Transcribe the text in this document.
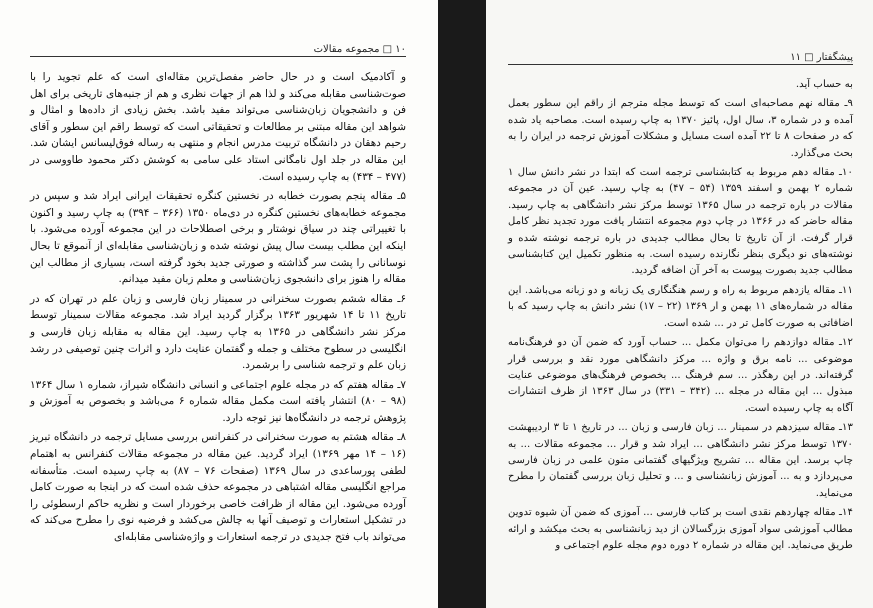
۱۰ □ مجموعه مقالات

و آکادمیک است و در حال حاضر مفصل‌ترین مقاله‌ای است که علم تجوید را با صوت‌شناسی مقابله می‌کند و لذا هم از جهات نظری و هم از جنبه‌های تاریخی برای اهل فن و دانشجویان زبان‌شناسی می‌تواند مفید باشد. بخش زیادی از داده‌ها و امثال و شواهد این مقاله مبتنی بر مطالعات و تحقیقاتی است که توسط راقم این سطور و آقای رحیم دهقان در دانشگاه تربیت مدرس انجام و منتهی به رساله فوق‌لیسانس ایشان شد. این مقاله در جلد اول نامگانی استاد علی سامی به کوشش دکتر محمود طاووسی در (۴۷۷ – ۴۳۴) به چاپ رسیده است.

۵ـ مقاله پنجم بصورت خطابه در نخستین کنگره تحقیقات ایرانی ایراد شد و سپس در مجموعه خطابه‌های نخستین کنگره در دی‌ماه ۱۳۵۰ (۳۶۶ – ۳۹۴) به چاپ رسید و اکنون با تغییراتی چند در سیاق نوشتار و برخی اصطلاحات در این مجموعه آورده می‌شود. با اینکه این مطلب بیست سال پیش نوشته شده و زبان‌شناسی مقابله‌ای از آنموقع تا بحال نوسانانی را پشت سر گذاشته و صورتی جدید بخود گرفته است، بسیاری از مطالب این مقاله را هنوز برای دانشجوی زبان‌شناسی و معلم زبان مفید میدانم.

۶ـ مقاله ششم بصورت سخنرانی در سمینار زبان فارسی و زبان علم در تهران که در تاریخ ۱۱ تا ۱۴ شهریور ۱۳۶۳ برگزار گردید ایراد شد. مجموعه مقالات سمینار توسط مرکز نشر دانشگاهی در ۱۳۶۵ به چاپ رسید. این مقاله به مقابله زبان فارسی و انگلیسی در سطوح مختلف و جمله و گفتمان عنایت دارد و اثرات چنین توصیفی در رشد زبان علم و ترجمه شناسی را برشمرد.

۷ـ مقاله هفتم که در مجله علوم اجتماعی و انسانی دانشگاه شیراز، شماره ۱ سال ۱۳۶۴ (۹۸ – ۸۰) انتشار یافته است مکمل مقاله شماره ۶ می‌باشد و بخصوص به آموزش و پژوهش ترجمه در دانشگاه‌ها نیز توجه دارد.

۸ـ مقاله هشتم به صورت سخنرانی در کنفرانس بررسی مسایل ترجمه در دانشگاه تبریز (۱۶ – ۱۴ مهر ۱۳۶۹) ایراد گردید. عین مقاله در مجموعه مقالات کنفرانس به اهتمام لطفی پورساعدی در سال ۱۳۶۹ (صفحات ۷۶ – ۸۷) به چاپ رسیده است. متأسفانه مراجع انگلیسی مقاله اشتباهی در مجموعه حذف شده است که در اینجا به صورت کامل آورده می‌شود. این مقاله از ظرافت خاصی برخوردار است و نظریه حاکم ارسطوئی را در تشکیل استعارات و توصیف آنها به چالش می‌کشد و فرضیه نوی را مطرح می‌کند که می‌تواند باب فتح جدیدی در ترجمه استعارات و واژه‌شناسی مقابله‌ای

پیشگفتار □ ۱۱

به حساب آید.

۹ـ مقاله نهم مصاحبه‌ای است که توسط مجله مترجم از راقم این سطور بعمل آمده و در شماره ۳، سال اول، پائیز ۱۳۷۰ به چاپ رسیده است. مصاحبه یاد شده که در صفحات ۸ تا ۲۲ آمده است مسایل و مشکلات آموزش ترجمه در ایران را به بحث می‌گذارد.

۱۰ـ مقاله دهم مربوط به کتابشناسی ترجمه است که ابتدا در نشر دانش سال ۱ شماره ۲ بهمن و اسفند ۱۳۵۹ (۵۴ – ۴۷) به چاپ رسید. عین آن در مجموعه مقالات در باره ترجمه در سال ۱۳۶۵ توسط مرکز نشر دانشگاهی به چاپ رسید. مقاله حاضر که در ۱۳۶۶ در چاپ دوم مجموعه انتشار یافت مورد تجدید نظر کامل قرار گرفت. از آن تاریخ تا بحال مطالب جدیدی در باره ترجمه نوشته شده و نوشته‌های نو دیگری بنظر نگارنده رسیده است. به منظور تکمیل این کتابشناسی مطالب جدید بصورت پیوست به آخر آن اضافه گردید.

۱۱ـ مقاله یازدهم مربوط به راه و رسم هنگنگاری یک زبانه و دو زبانه می‌باشد. این مقاله در شماره‌های ۱۱ بهمن و ار ۱۳۶۹ (۲۲ – ۱۷) نشر دانش به چاپ رسید که با اضافاتی به صورت کامل تر در ... شده است.

۱۲ـ مقاله دوازدهم را می‌توان مکمل ... حساب آورد که ضمن آن دو فرهنگ‌نامه موضوعی ... نامه برق و واژه ... مرکز دانشگاهی مورد نقد و بررسی قرار گرفته‌اند. در این رهگذر ... سم فرهنگ ... بخصوص فرهنگ‌های موضوعی عنایت مبذول ... این مقاله در مجله ... (۳۴۲ – ۳۳۱) در سال ۱۳۶۳ از ظرف انتشارات آگاه به چاپ رسیده است.

۱۳ـ مقاله سیزدهم در سمینار ... زبان فارسی و زبان ... در تاریخ ۱ تا ۳ اردیبهشت ۱۳۷۰ توسط مرکز نشر دانشگاهی ... ایراد شد و قرار ... مجموعه مقالات ... به چاپ برسد. این مقاله ... تشریح ویژگیهای گفتمانی متون علمی در زبان فارسی می‌پردازد و به ... آموزش زبانشناسی و ... و تحلیل زبان بررسی گفتمان را مطرح می‌نماید.

۱۴ـ مقاله چهاردهم نقدی است بر کتاب فارسی ... آموزی که ضمن آن شیوه تدوین مطالب آموزشی سواد آموزی بزرگسالان از دید زبانشناسی به بحث میکشد و ارائه طریق می‌نماید. این مقاله در شماره ۲ دوره دوم مجله علوم اجتماعی و
